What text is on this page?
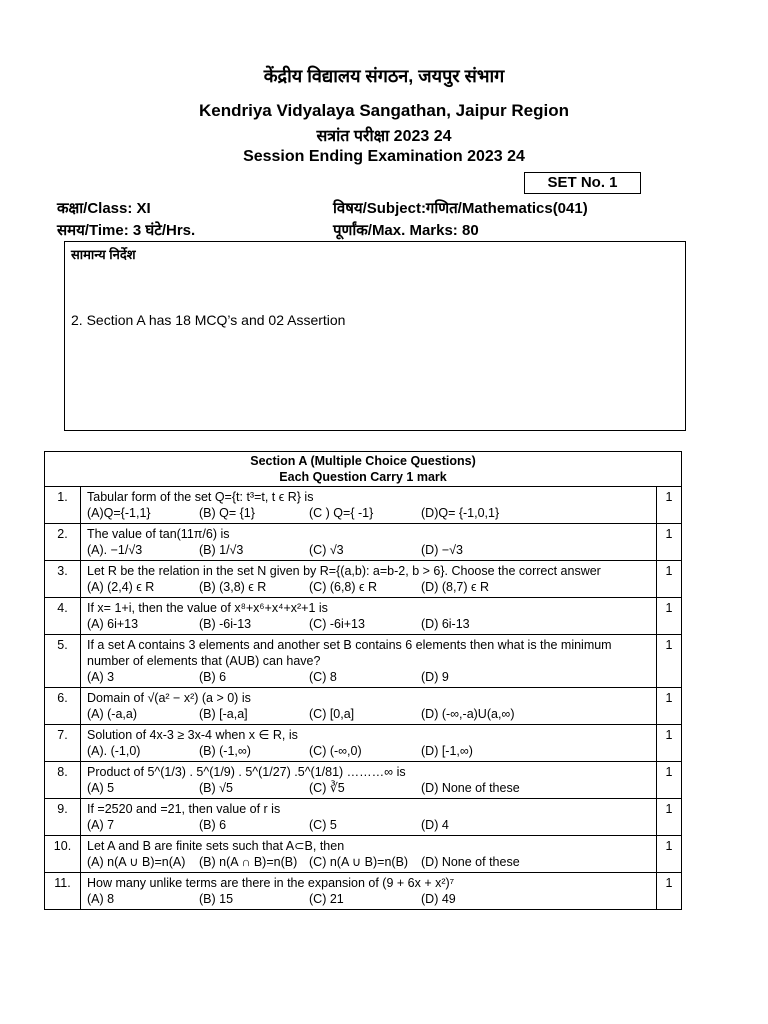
केंद्रीय विद्यालय संगठन, जयपुर संभाग
Kendriya Vidyalaya Sangathan, Jaipur Region
सत्रांत परीक्षा 2023 24
Session Ending Examination 2023 24
SET No. 1
कक्षा/Class: XI	विषय/Subject:गणित/Mathematics(041)
समय/Time: 3 घंटे/Hrs.	पूर्णांक/Max. Marks: 80
सामान्य निर्देश
2. Section A has 18 MCQ’s and 02 Assertion
Section A (Multiple Choice Questions)
Each Question Carry 1 mark		

1.	Tabular form of the set Q={t: t³=t, t ϵ R} is
(A)Q={-1,1} (B) Q= {1} (C ) Q={ -1} (D)Q= {-1,0,1}	1
2.	The value of tan(11π/6) is
(A). −1/√3 (B) 1/√3 (C) √3 (D) −√3	1
3.	Let R be the relation in the set N given by R={(a,b): a=b-2, b > 6}. Choose the correct answer
(A) (2,4) ϵ R (B) (3,8) ϵ R (C) (6,8) ϵ R (D) (8,7) ϵ R	1
4.	If x= 1+i, then the value of x⁸+x⁶+x⁴+x²+1 is
(A) 6i+13 (B) -6i-13 (C) -6i+13 (D) 6i-13	1
5.	If a set A contains 3 elements and another set B contains 6 elements then what is the minimum number of elements that (AUB) can have?
(A) 3 (B) 6 (C) 8 (D) 9	1
6.	Domain of √(a² − x²) (a > 0) is
(A) (-a,a) (B) [-a,a] (C) [0,a] (D) (-∞,-a)U(a,∞)	1
7.	Solution of 4x-3 ≥ 3x-4 when x ∈ R, is
(A). (-1,0) (B) (-1,∞) (C) (-∞,0) (D) [-1,∞)	1
8.	Product of 5^(1/3) . 5^(1/9) . 5^(1/27) .5^(1/81) ………∞ is
(A) 5 (B) √5 (C) ∛5 (D) None of these	1
9.	If =2520 and =21, then value of r is
(A) 7 (B) 6 (C) 5 (D) 4	1
10.	Let A and B are finite sets such that A⊂B, then
(A) n(A ∪ B)=n(A) (B) n(A ∩ B)=n(B) (C) n(A ∪ B)=n(B) (D) None of these	1
11.	How many unlike terms are there in the expansion of (9 + 6x + x²)⁷
(A) 8 (B) 15 (C) 21 (D) 49	1
